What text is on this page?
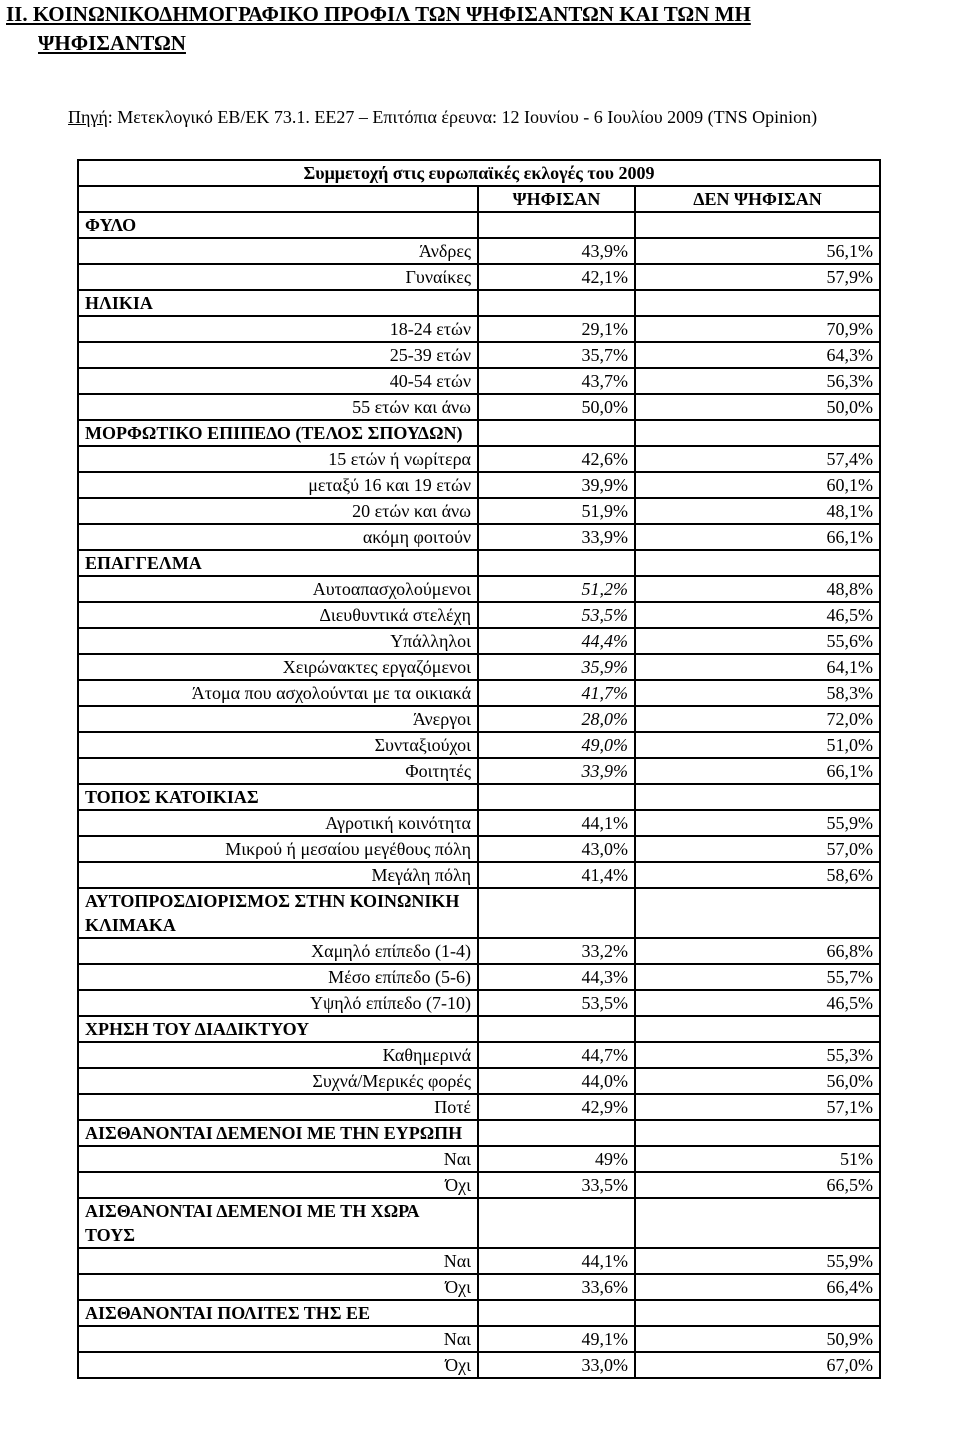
ΙΙ. ΚΟΙΝΩΝΙΚΟΔΗΜΟΓΡΑΦΙΚΟ ΠΡΟΦΙΛ ΤΩΝ ΨΗΦΙΣΑΝΤΩΝ ΚΑΙ ΤΩΝ ΜΗ
ΨΗΦΙΣΑΝΤΩΝ
Πηγή: Μετεκλογικό ΕΒ/ΕΚ 73.1. ΕΕ27 – Επιτόπια έρευνα: 12 Ιουνίου - 6 Ιουλίου 2009 (TNS Opinion)
Συμμετοχή στις ευρωπαϊκές εκλογές του 2009		
	ΨΗΦΙΣΑΝ	ΔΕΝ ΨΗΦΙΣΑΝ
ΦΥΛΟ		
Άνδρες	43,9%	56,1%
Γυναίκες	42,1%	57,9%
ΗΛΙΚΙΑ		
18-24 ετών	29,1%	70,9%
25-39 ετών	35,7%	64,3%
40-54 ετών	43,7%	56,3%
55 ετών και άνω	50,0%	50,0%
ΜΟΡΦΩΤΙΚΟ ΕΠΙΠΕΔΟ (ΤΕΛΟΣ ΣΠΟΥΔΩΝ)		
15 ετών ή νωρίτερα	42,6%	57,4%
μεταξύ 16 και 19 ετών	39,9%	60,1%
20 ετών και άνω	51,9%	48,1%
ακόμη φοιτούν	33,9%	66,1%
ΕΠΑΓΓΕΛΜΑ		
Αυτοαπασχολούμενοι	51,2%	48,8%
Διευθυντικά στελέχη	53,5%	46,5%
Υπάλληλοι	44,4%	55,6%
Χειρώνακτες εργαζόμενοι	35,9%	64,1%
Άτομα που ασχολούνται με τα οικιακά	41,7%	58,3%
Άνεργοι	28,0%	72,0%
Συνταξιούχοι	49,0%	51,0%
Φοιτητές	33,9%	66,1%
ΤΟΠΟΣ ΚΑΤΟΙΚΙΑΣ		
Αγροτική κοινότητα	44,1%	55,9%
Μικρού ή μεσαίου μεγέθους πόλη	43,0%	57,0%
Μεγάλη πόλη	41,4%	58,6%
ΑΥΤΟΠΡΟΣΔΙΟΡΙΣΜΟΣ ΣΤΗΝ ΚΟΙΝΩΝΙΚΗ ΚΛΙΜΑΚΑ		
Χαμηλό επίπεδο (1-4)	33,2%	66,8%
Μέσο επίπεδο (5-6)	44,3%	55,7%
Υψηλό επίπεδο (7-10)	53,5%	46,5%
ΧΡΗΣΗ ΤΟΥ ΔΙΑΔΙΚΤΥΟΥ		
Καθημερινά	44,7%	55,3%
Συχνά/Μερικές φορές	44,0%	56,0%
Ποτέ	42,9%	57,1%
ΑΙΣΘΑΝΟΝΤΑΙ ΔΕΜΕΝΟΙ ΜΕ ΤΗΝ ΕΥΡΩΠΗ		
Ναι	49%	51%
Όχι	33,5%	66,5%
ΑΙΣΘΑΝΟΝΤΑΙ ΔΕΜΕΝΟΙ ΜΕ ΤΗ ΧΩΡΑ ΤΟΥΣ		
Ναι	44,1%	55,9%
Όχι	33,6%	66,4%
ΑΙΣΘΑΝΟΝΤΑΙ ΠΟΛΙΤΕΣ ΤΗΣ ΕΕ		
Ναι	49,1%	50,9%
Όχι	33,0%	67,0%
